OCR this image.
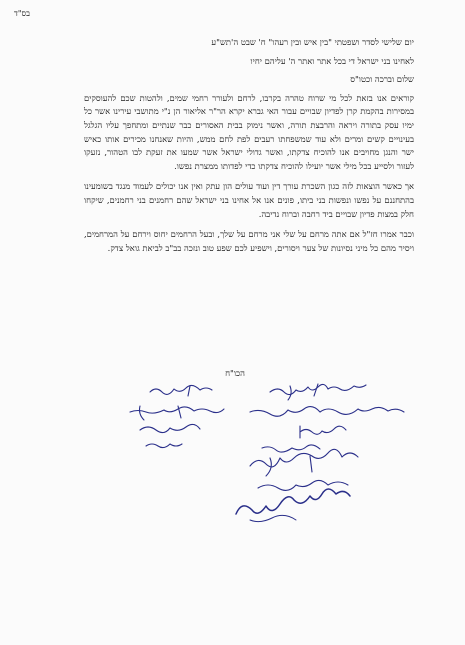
בס"ד

יום שלישי לסדר ושפטתי "בין איש ובין רעהו" ח' שבט ה'תש"ע

לאחינו בני ישראל די בכל אתר ואתר ה' עליהם יחיו

שלום וברכה וכטו"ס

קוראים אנו בזאת לכל מי שרוח טהרה בקרבו, לרחם ולעורר רחמי שמים, ולהטות שכם להעוסקים במסירות בהקמת קרן לפדיון שבויים עבור האי גברא יקרא הר"ר אליאור הן נ"י מתושבי עירינו אשר כל ימיו עסק בתורה ויראה והרבצת תורה, ואשר נימוק בבית האסורים כבר שנתיים ומתחפך עליו הגלגל בעינויים קשים ומרים ולא עוד שמשפחתו רעבים לפת לחם ממש, והיות שאנחנו מכירים אותו כאיש ישר והנגן מחויבים אנו להוכיח צדקתו, ואשר גדולי ישראל אשר שמעו את זעקת לבו הטהור, נזעקו לעזור ולסייע בכל מילי אשר יועילו להוכיח צדקתו כדי לפדותו ממצרת נפשו.

אך כאשר הוצאות לזה כגון השכרת עורך דין ועוד עולים הון עתק ואין אנו יכולים לעמוד מנגד בשומעינו בהתחננם על נפשו ונפשות בני ביתו, פונים אנו אל אחינו בני ישראל שהם רחמנים בני רחמנים, שיקחו חלק במצות פדיון שבויים ביד רחבה וברוח נדיבה.

וכבר אמרו חז"ל אם אתה מרחם על שלי אני מרחם על שלך, ובעל הרחמים יחוס וירחם על המרחמים, ויסיר מהם כל מיני נסיונות של צער ויסורים, וישפיע לכם שפע טוב ונזכה בב"ב לביאת גואל צדק.

הכו"ח
